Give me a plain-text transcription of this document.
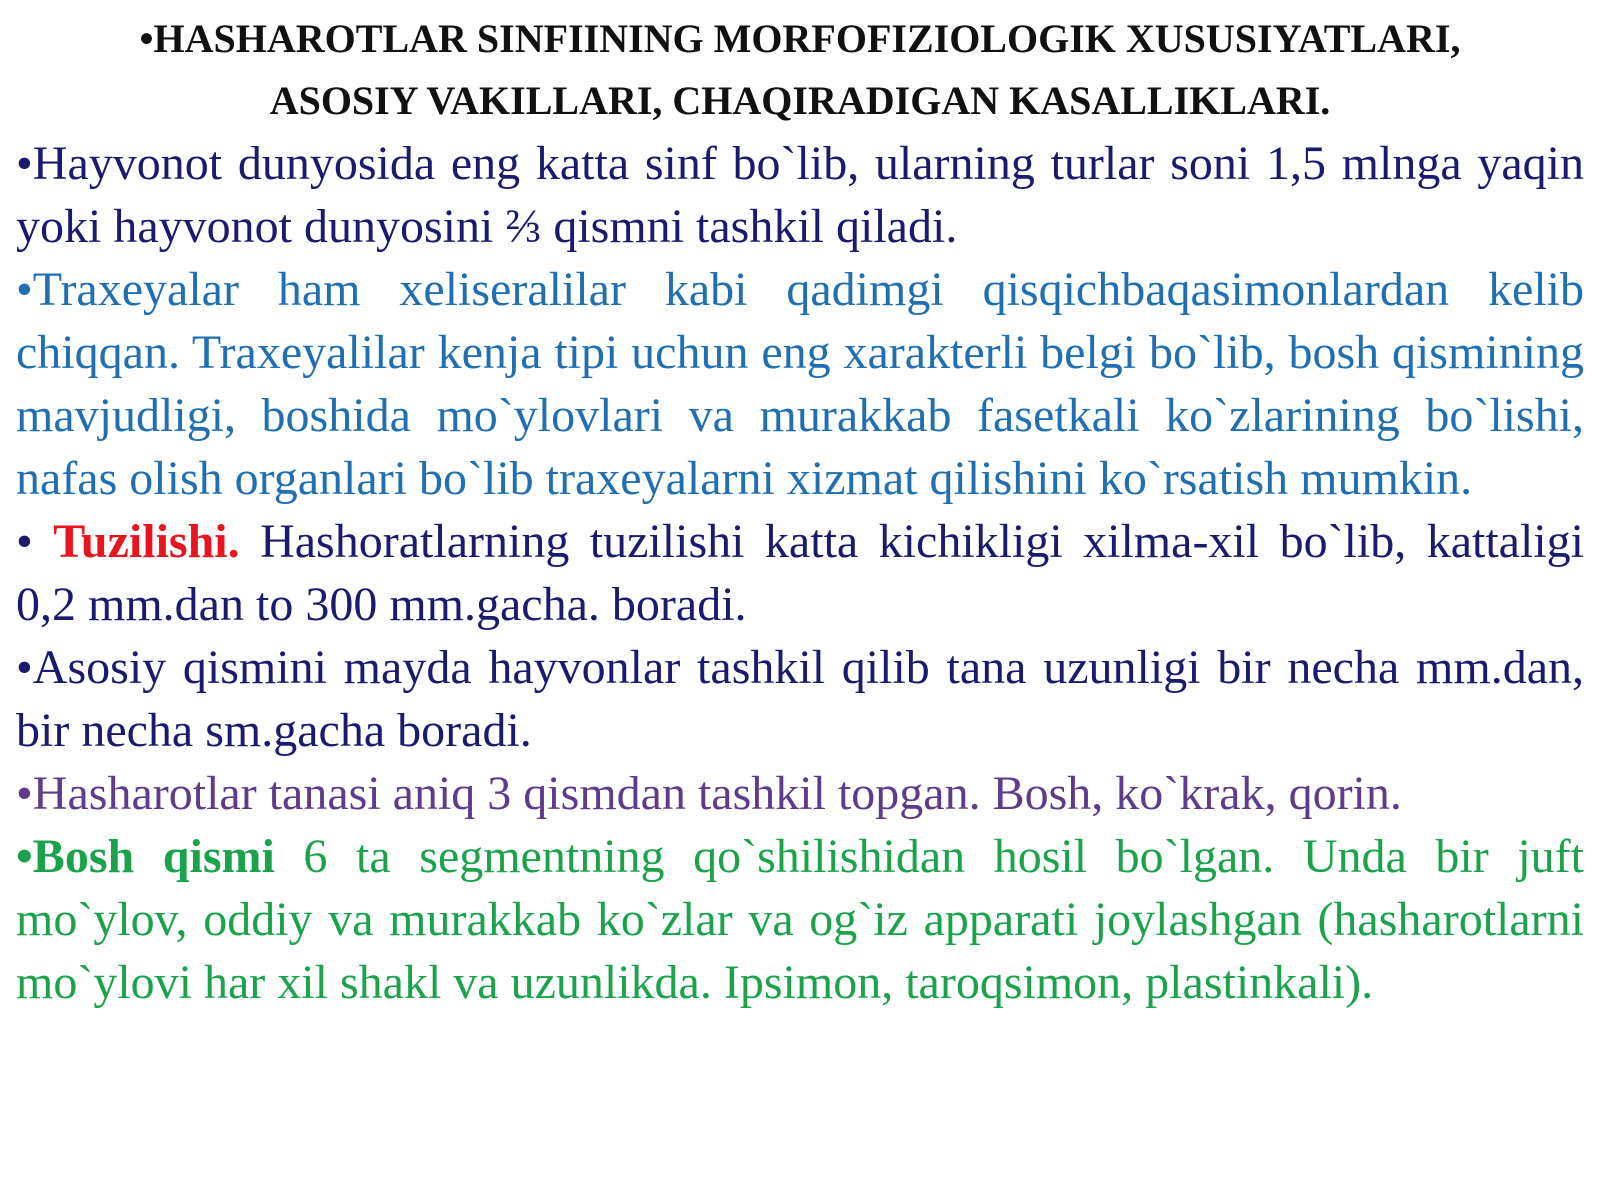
•HASHAROTLAR SINFIINING MORFOFIZIOLOGIK XUSUSIYATLARI,

ASOSIY VAKILLARI, CHAQIRADIGAN KASALLIKLARI.

•Hayvonot dunyosida eng katta sinf bo`lib, ularning turlar soni 1,5 mlnga yaqin yoki hayvonot dunyosini ⅔ qismni tashkil qiladi.

•Traxeyalar ham xeliseralilar kabi qadimgi qisqichbaqasimonlardan kelib chiqqan. Traxeyalilar kenja tipi uchun eng xarakterli belgi bo`lib, bosh qismining mavjudligi, boshida mo`ylovlari va murakkab fasetkali ko`zlarining bo`lishi, nafas olish organlari bo`lib traxeyalarni xizmat qilishini ko`rsatish mumkin.

• Tuzilishi. Hashoratlarning tuzilishi katta kichikligi xilma-xil bo`lib, kattaligi 0,2 mm.dan to 300 mm.gacha. boradi.

•Asosiy qismini mayda hayvonlar tashkil qilib tana uzunligi bir necha mm.dan, bir necha sm.gacha boradi.

•Hasharotlar tanasi aniq 3 qismdan tashkil topgan. Bosh, ko`krak, qorin.

•Bosh qismi 6 ta segmentning qo`shilishidan hosil bo`lgan. Unda bir juft mo`ylov, oddiy va murakkab ko`zlar va og`iz apparati joylashgan (hasharotlarni mo`ylovi har xil shakl va uzunlikda. Ipsimon, taroqsimon, plastinkali).
